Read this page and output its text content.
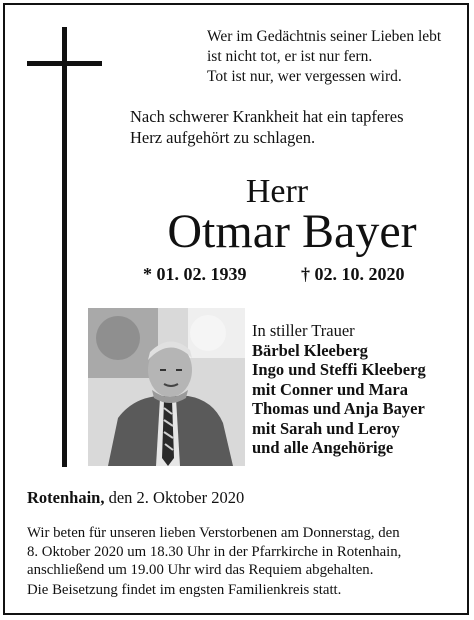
Wer im Gedächtnis seiner Lieben lebt
ist nicht tot, er ist nur fern.
Tot ist nur, wer vergessen wird.
Nach schwerer Krankheit hat ein tapferes
Herz aufgehört zu schlagen.
Herr
Otmar Bayer
* 01. 02. 1939	† 02. 10. 2020
In stiller Trauer
Bärbel Kleeberg
Ingo und Steffi Kleeberg
mit Conner und Mara
Thomas und Anja Bayer
mit Sarah und Leroy
und alle Angehörige
Rotenhain, den 2. Oktober 2020
Wir beten für unseren lieben Verstorbenen am Donnerstag, den
8. Oktober 2020 um 18.30 Uhr in der Pfarrkirche in Rotenhain,
anschließend um 19.00 Uhr wird das Requiem abgehalten.
Die Beisetzung findet im engsten Familienkreis statt.
